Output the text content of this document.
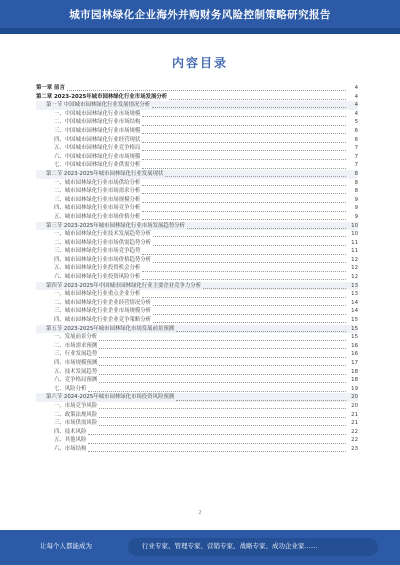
城市园林绿化企业海外并购财务风险控制策略研究报告
内容目录
第一章 前言	4
第二章 2023-2025年城市园林绿化行业市场发展分析	4
第一节 中国城市园林绿化行业发展情况分析	4
一、中国城市园林绿化行业市场规模	4
二、中国城市园林绿化行业市场结构	5
三、中国城市园林绿化行业市场规模	6
四、中国城市园林绿化行业经营现状	6
五、中国城市园林绿化行业竞争格局	7
六、中国城市园林绿化行业市场规模	7
七、中国城市园林绿化行业供需分析	7
第二节 2023-2025年城市园林绿化行业发展现状	8
一、城市园林绿化行业市场供给分析	8
二、城市园林绿化行业市场需求分析	8
三、城市园林绿化行业市场规模分析	9
四、城市园林绿化行业市场竞争分析	9
五、城市园林绿化行业市场价格分析	9
第三节 2023-2025年城市园林绿化行业市场发展趋势分析	10
一、城市园林绿化行业技术发展趋势分析	10
二、城市园林绿化行业市场供需趋势分析	11
三、城市园林绿化行业市场竞争趋势	11
四、城市园林绿化行业市场价格趋势分析	12
五、城市园林绿化行业投资机会分析	12
六、城市园林绿化行业投资风险分析	12
第四节 2023-2025年中国城市园林绿化行业主要企业竞争力分析	13
一、城市园林绿化行业重点企业分析	13
二、城市园林绿化行业企业经营情况分析	14
三、城市园林绿化行业企业市场规模分析	14
四、城市园林绿化行业企业竞争策略分析	15
第五节 2023-2025年城市园林绿化市场发展前景预测	15
一、发展前景分析	15
二、市场需求预测	16
三、行业发展趋势	16
四、市场规模预测	17
五、技术发展趋势	18
六、竞争格局预测	18
七、风险分析	19
第六节 2024-2025年城市园林绿化市场投资风险预测	20
一、市场竞争风险	20
二、政策法规风险	21
三、市场供需风险	21
四、技术风险	22
五、其他风险	22
六、市场结构	23
2
让每个人都能成为	行业专家、管理专家、营销专家、战略专家、成功企业家……
